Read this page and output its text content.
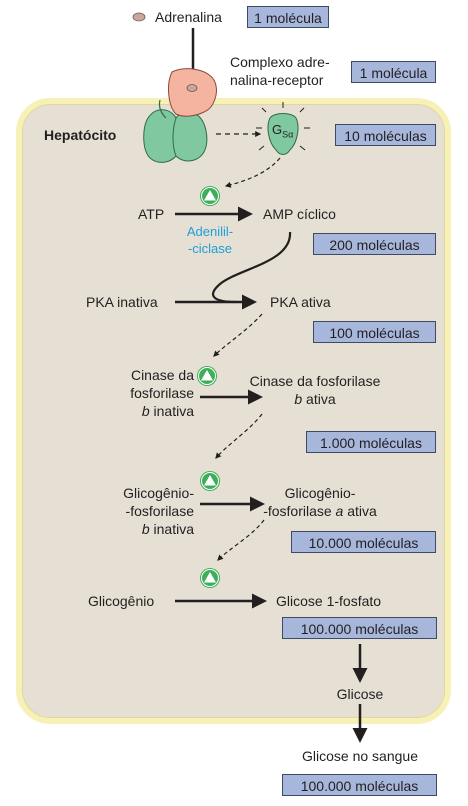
Adrenalina	1 molécula
Complexo adre-
nalina-receptor	1 molécula
Hepatócito	$G_{S\alpha}$	10 moléculas
ATP	AMP cíclico
Adenilil-
-ciclase	200 moléculas
PKA inativa	PKA ativa
100 moléculas
Cinase da
fosforilase
b inativa
Cinase da fosforilase
b ativa
1.000 moléculas
Glicogênio-
-fosforilase
b inativa
Glicogênio-
-fosforilase a ativa
10.000 moléculas
Glicogênio	Glicose 1-fosfato
100.000 moléculas
Glicose
Glicose no sangue
100.000 moléculas
